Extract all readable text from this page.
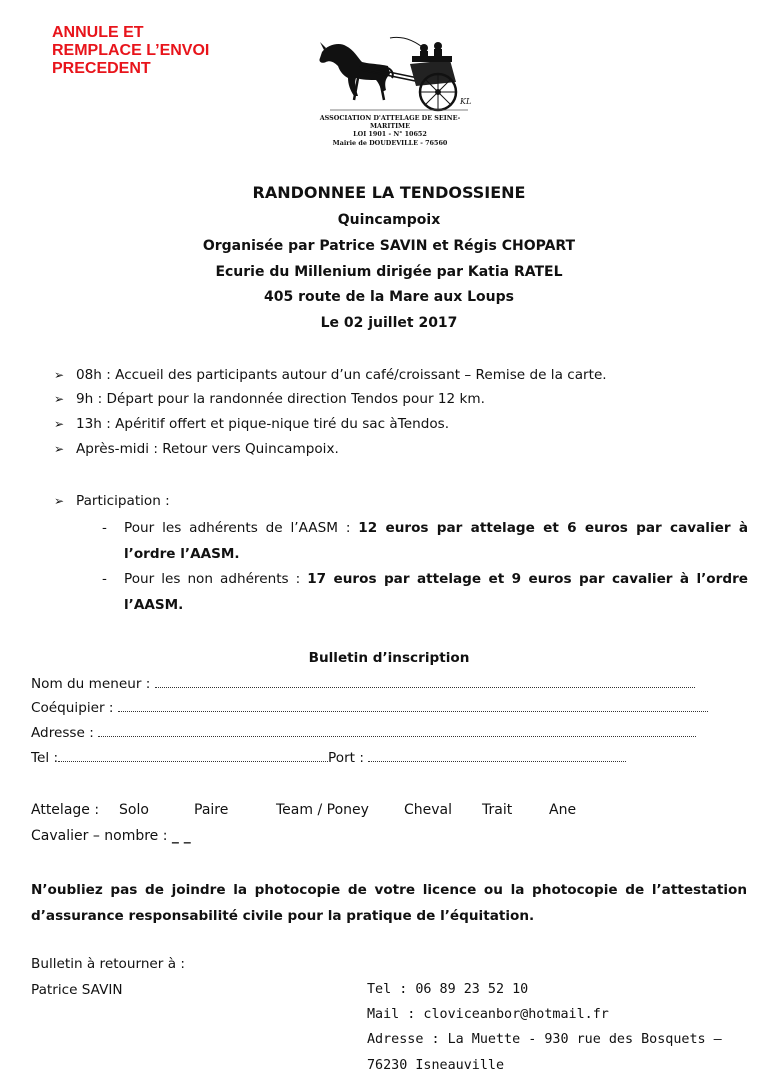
ANNULE ET
REMPLACE L’ENVOI
PRECEDENT
KL
ASSOCIATION D'ATTELAGE DE SEINE-MARITIME
LOI 1901 - N° 10652
Mairie de DOUDEVILLE - 76560
RANDONNEE LA TENDOSSIENE
Quincampoix
Organisée par Patrice SAVIN et Régis CHOPART
Ecurie du Millenium dirigée par Katia RATEL
405 route de la Mare aux Loups
Le 02 juillet 2017
➢ 08h : Accueil des participants autour d’un café/croissant – Remise de la carte.
➢ 9h : Départ pour la randonnée direction Tendos pour 12 km.
➢ 13h : Apéritif offert et pique-nique tiré du sac àTendos.
➢ Après-midi : Retour vers Quincampoix.
➢ Participation :
- Pour les adhérents de l’AASM : 12 euros par attelage et 6 euros par cavalier à l’ordre l’AASM.
- Pour les non adhérents : 17 euros par attelage et 9 euros par cavalier à l’ordre l’AASM.
Bulletin d’inscription
Nom du meneur :
Coéquipier :
Adresse :
Tel :	Port :
Attelage : Solo	Paire	Team / Poney	Cheval Trait	Ane
Cavalier – nombre : _ _
N’oubliez pas de joindre la photocopie de votre licence ou la photocopie de l’attestation d’assurance responsabilité civile pour la pratique de l’équitation.
Bulletin à retourner à :
Patrice SAVIN	Tel : 06 89 23 52 10
Mail : cloviceanbor@hotmail.fr
Adresse : La Muette - 930 rue des Bosquets –
76230 Isneauville
